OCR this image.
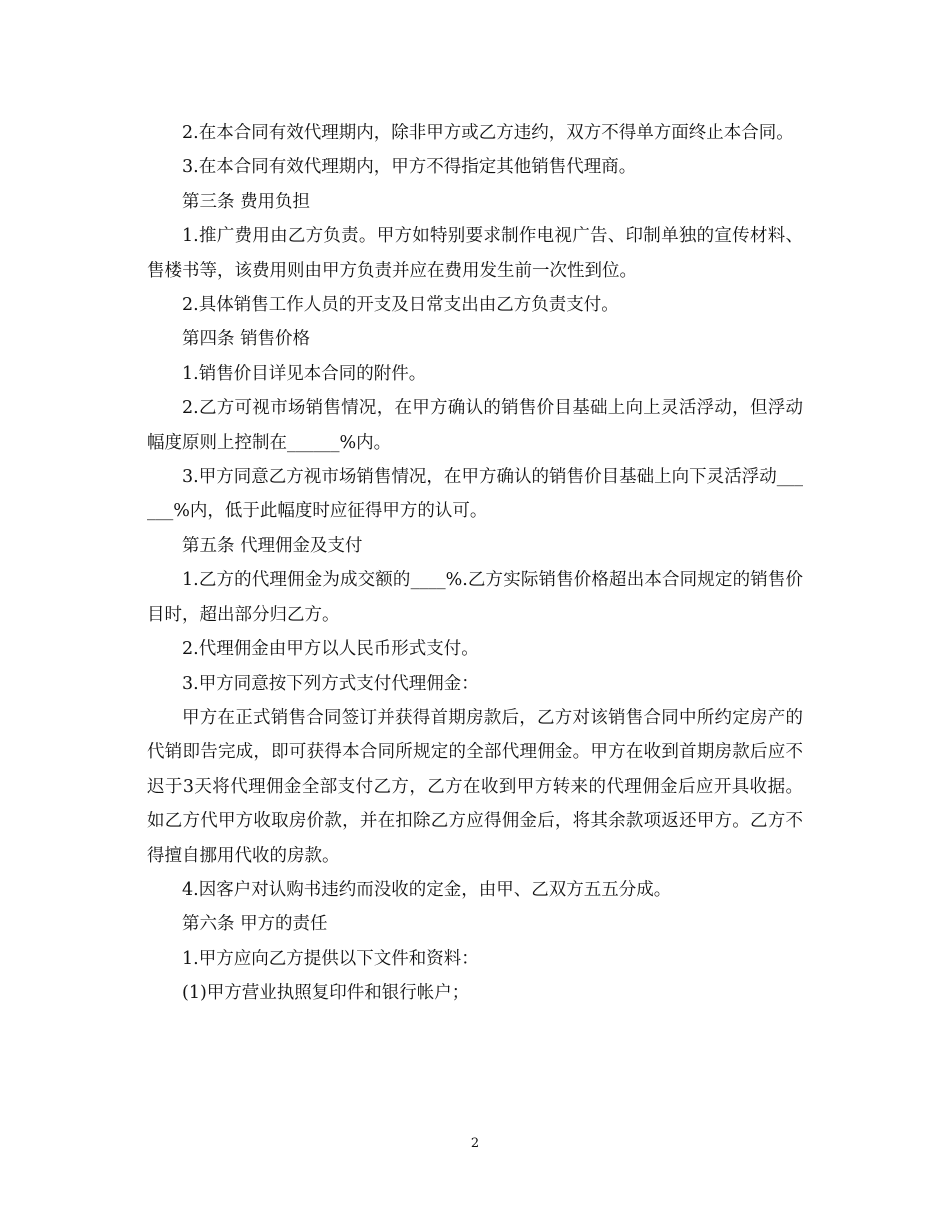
2.在本合同有效代理期内，除非甲方或乙方违约，双方不得单方面终止本合同。

3.在本合同有效代理期内，甲方不得指定其他销售代理商。

第三条 费用负担

1.推广费用由乙方负责。甲方如特别要求制作电视广告、印制单独的宣传材料、售楼书等，该费用则由甲方负责并应在费用发生前一次性到位。

2.具体销售工作人员的开支及日常支出由乙方负责支付。

第四条 销售价格

1.销售价目详见本合同的附件。

2.乙方可视市场销售情况，在甲方确认的销售价目基础上向上灵活浮动，但浮动幅度原则上控制在______%内。

3.甲方同意乙方视市场销售情况，在甲方确认的销售价目基础上向下灵活浮动______%内，低于此幅度时应征得甲方的认可。

第五条 代理佣金及支付

1.乙方的代理佣金为成交额的____%.乙方实际销售价格超出本合同规定的销售价目时，超出部分归乙方。

2.代理佣金由甲方以人民币形式支付。

3.甲方同意按下列方式支付代理佣金：

甲方在正式销售合同签订并获得首期房款后，乙方对该销售合同中所约定房产的代销即告完成，即可获得本合同所规定的全部代理佣金。甲方在收到首期房款后应不迟于3天将代理佣金全部支付乙方，乙方在收到甲方转来的代理佣金后应开具收据。如乙方代甲方收取房价款，并在扣除乙方应得佣金后，将其余款项返还甲方。乙方不得擅自挪用代收的房款。

4.因客户对认购书违约而没收的定金，由甲、乙双方五五分成。

第六条 甲方的责任

1.甲方应向乙方提供以下文件和资料：

(1)甲方营业执照复印件和银行帐户；

2
